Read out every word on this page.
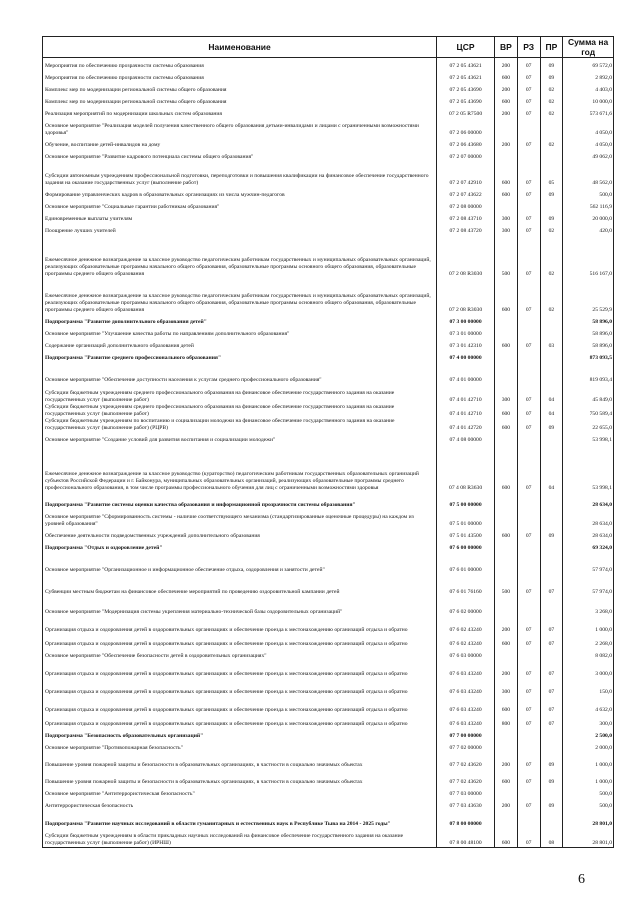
Наименование	ЦСР	ВР	РЗ	ПР	Сумма на год
Мероприятия по обеспечению прозрачности системы образования	07 2 05 43621	200	07	09	69 572,0
Мероприятия по обеспечению прозрачности системы образования	07 2 05 43621	600	07	09	2 892,0
Комплекс мер по модернизации региональной системы общего образования	07 2 05 43690	200	07	02	4 403,0
Комплекс мер по модернизации региональной системы общего образования	07 2 05 43690	600	07	02	10 000,0
Реализация мероприятий по модернизации школьных систем образования	07 2 05 R7500	200	07	02	573 671,6
Основное мероприятие "Реализация моделей получения качественного общего образования детьми-инвалидами и лицами с ограниченными возможностями здоровья"	07 2 06 00000				4 050,0
Обучение, воспитание детей-инвалидов на дому	07 2 06 43680	200	07	02	4 050,0
Основное мероприятие "Развитие кадрового потенциала системы общего образования"	07 2 07 00000				49 062,0
Субсидии автономным учреждениям профессиональной подготовки, переподготовки и повышения квалификации на финансовое обеспечение государственного задания на оказание государственных услуг (выполнение работ)	07 2 07 42910	600	07	05	48 562,0
Формирование управленческих кадров в образовательных организациях из числа мужчин-педагогов	07 2 07 43622	600	07	09	500,0
Основное мероприятие "Социальные гарантии работникам образования"	07 2 08 00000				562 116,9
Единовременные выплаты учителям	07 2 08 43710	300	07	09	20 000,0
Поощрение лучших учителей	07 2 08 43720	300	07	02	420,0
Ежемесячное денежное вознаграждение за классное руководство педагогическим работникам государственных и муниципальных образовательных организаций, реализующих образовательные программы начального общего образования, образовательные программы основного общего образования, образовательные программы среднего общего образования	07 2 08 R3030	500	07	02	516 167,0
Ежемесячное денежное вознаграждение за классное руководство педагогическим работникам государственных и муниципальных образовательных организаций, реализующих образовательные программы начального общего образования, образовательные программы основного общего образования, образовательные программы среднего общего образования	07 2 08 R3030	600	07	02	25 529,9
Подпрограмма "Развитие дополнительного образования детей"	07 3 00 00000				58 896,0
Основное мероприятие "Улучшение качества работы по направлениям дополнительного образования"	07 3 01 00000				58 896,0
Содержание организаций дополнительного образования детей	07 3 01 42310	600	07	03	58 896,0
Подпрограмма "Развитие среднего профессионального образования"	07 4 00 00000				873 093,5
Основное мероприятие "Обеспечение доступности населения к услугам среднего профессионального образования"	07 4 01 00000				819 093,4
Субсидии бюджетным учреждениям среднего профессионального образования на финансовое обеспечение государственного задания на оказание государственных услуг (выполнение работ)	07 4 01 42710	300	07	04	45 849,0
Субсидии бюджетным учреждениям среднего профессионального образования на финансовое обеспечение государственного задания на оказание государственных услуг (выполнение работ)	07 4 01 42710	600	07	04	750 589,4
Субсидии бюджетным учреждениям по воспитанию и социализации молодежи на финансовое обеспечение государственного задания на оказание государственных услуг (выполнение работ) (РЦРВ)	07 4 01 42720	600	07	09	22 655,0
Основное мероприятие "Создание условий для развития воспитания и социализации молодежи"	07 4 08 00000				53 998,1
Ежемесячное денежное вознаграждение за классное руководство (кураторство) педагогическим работникам государственных образовательных организаций субъектов Российской Федерации и г. Байконура, муниципальных образовательных организаций, реализующих образовательные программы среднего профессионального образования, в том числе программы профессионального обучения для лиц с ограниченными возможностями здоровья	07 4 08 R3630	600	07	04	53 998,1
Подпрограмма "Развитие системы оценки качества образования и информационной прозрачности системы образования"	07 5 00 00000				28 634,0
Основное мероприятие "Сформированность системы - наличие соответствующего механизма (стандартизированные оценочные процедуры) на каждом из уровней образования"	07 5 01 00000				28 634,0
Обеспечение деятельности подведомственных учреждений дополнительного образования	07 5 01 43500	600	07	09	28 634,0
Подпрограмма "Отдых и оздоровление детей"	07 6 00 00000				69 324,0
Основное мероприятие "Организационное и информационное обеспечение отдыха, оздоровления и занятости детей"	07 6 01 00000				57 974,0
Субвенции местным бюджетам на финансовое обеспечение мероприятий по проведению оздоровительной кампании детей	07 6 01 76160	500	07	07	57 974,0
Основное мероприятие "Модернизация системы укрепления материально-технической базы оздоровительных организаций"	07 6 02 00000				3 268,0
Организация отдыха и оздоровления детей в оздоровительных организациях и обеспечение проезда к местонахождению организаций отдыха и обратно	07 6 02 43240	200	07	07	1 000,0
Организация отдыха и оздоровления детей в оздоровительных организациях и обеспечение проезда к местонахождению организаций отдыха и обратно	07 6 02 43240	600	07	07	2 268,0
Основное мероприятие "Обеспечение безопасности детей в оздоровительных организациях"	07 6 03 00000				8 082,0
Организация отдыха и оздоровления детей в оздоровительных организациях и обеспечение проезда к местонахождению организаций отдыха и обратно	07 6 03 43240	200	07	07	3 000,0
Организация отдыха и оздоровления детей в оздоровительных организациях и обеспечение проезда к местонахождению организаций отдыха и обратно	07 6 03 43240	300	07	07	150,0
Организация отдыха и оздоровления детей в оздоровительных организациях и обеспечение проезда к местонахождению организаций отдыха и обратно	07 6 03 43240	600	07	07	4 632,0
Организация отдыха и оздоровления детей в оздоровительных организациях и обеспечение проезда к местонахождению организаций отдыха и обратно	07 6 03 43240	800	07	07	300,0
Подпрограмма "Безопасность образовательных организаций"	07 7 00 00000				2 500,0
Основное мероприятие "Противопожарная безопасность"	07 7 02 00000				2 000,0
Повышение уровня пожарной защиты и безопасности в образовательных организациях, в частности в социально значимых объектах	07 7 02 43620	200	07	09	1 000,0
Повышение уровня пожарной защиты и безопасности в образовательных организациях, в частности в социально значимых объектах	07 7 02 43620	600	07	09	1 000,0
Основное мероприятие "Антитеррористическая безопасность"	07 7 03 00000				500,0
Антитеррористическая безопасность	07 7 03 43630	200	07	09	500,0
Подпрограмма "Развитие научных исследований в области гуманитарных и естественных наук в Республике Тыва на 2014 - 2025 годы"	07 8 00 00000				28 801,0
Субсидии бюджетным учреждениям в области прикладных научных исследований на финансовое обеспечение государственного задания на оказание государственных услуг (выполнение работ) (ИРНШ)	07 8 00 48100	600	07	08	28 801,0
6
